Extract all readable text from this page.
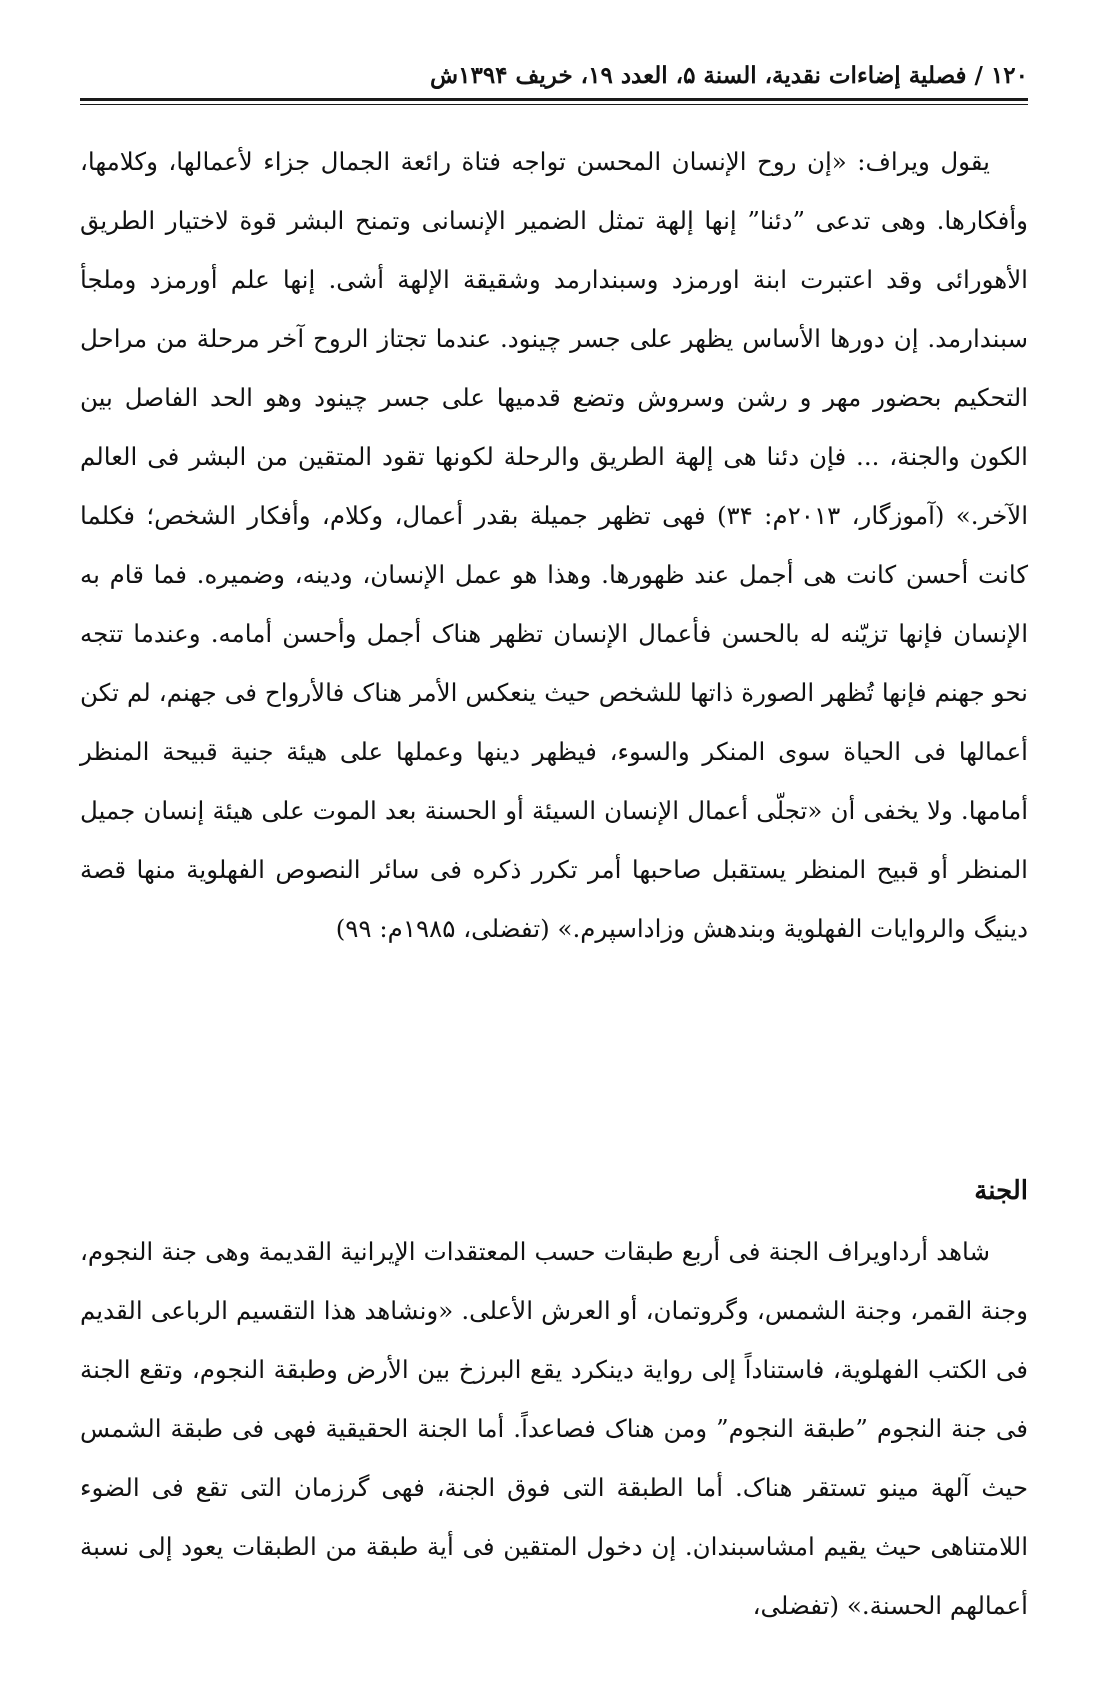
۱۲۰ / فصلية إضاءات نقدية، السنة ۵، العدد ۱۹، خريف ۱۳۹۴ش

يقول ويراف: «إن روح الإنسان المحسن تواجه فتاة رائعة الجمال جزاء لأعمالها، وكلامها، وأفكارها. وهى تدعى ”دئنا” إنها إلهة تمثل الضمير الإنسانى وتمنح البشر قوة لاختيار الطريق الأهورائى وقد اعتبرت ابنة اورمزد وسبندارمد وشقيقة الإلهة أشى. إنها علم أورمزد وملجأ سبندارمد. إن دورها الأساس يظهر على جسر چينود. عندما تجتاز الروح آخر مرحلة من مراحل التحكيم بحضور مهر و رشن وسروش وتضع قدميها على جسر چينود وهو الحد الفاصل بين الكون والجنة، ... فإن دئنا هى إلهة الطريق والرحلة لكونها تقود المتقين من البشر فى العالم الآخر.» (آموزگار، ۲۰۱۳م: ۳۴) فهى تظهر جميلة بقدر أعمال، وكلام، وأفكار الشخص؛ فكلما كانت أحسن كانت هى أجمل عند ظهورها. وهذا هو عمل الإنسان، ودينه، وضميره. فما قام به الإنسان فإنها تزيّنه له بالحسن فأعمال الإنسان تظهر هناک أجمل وأحسن أمامه. وعندما تتجه نحو جهنم فإنها تُظهر الصورة ذاتها للشخص حيث ينعكس الأمر هناک فالأرواح فى جهنم، لم تكن أعمالها فى الحياة سوى المنكر والسوء، فيظهر دينها وعملها على هيئة جنية قبيحة المنظر أمامها. ولا يخفى أن «تجلّى أعمال الإنسان السيئة أو الحسنة بعد الموت على هيئة إنسان جميل المنظر أو قبيح المنظر يستقبل صاحبها أمر تكرر ذكره فى سائر النصوص الفهلوية منها قصة دينيگ والروايات الفهلوية وبندهش وزاداسپرم.» (تفضلى، ۱۹۸۵م: ۹۹)

الجنة

شاهد أرداويراف الجنة فى أربع طبقات حسب المعتقدات الإيرانية القديمة وهى جنة النجوم، وجنة القمر، وجنة الشمس، وگروتمان، أو العرش الأعلى. «ونشاهد هذا التقسيم الرباعى القديم فى الكتب الفهلوية، فاستناداً إلى رواية دينكرد يقع البرزخ بين الأرض وطبقة النجوم، وتقع الجنة فى جنة النجوم ”طبقة النجوم” ومن هناک فصاعداً. أما الجنة الحقيقية فهى فى طبقة الشمس حيث آلهة مينو تستقر هناک. أما الطبقة التى فوق الجنة، فهى گرزمان التى تقع فى الضوء اللامتناهى حيث يقيم امشاسبندان. إن دخول المتقين فى أية طبقة من الطبقات يعود إلى نسبة أعمالهم الحسنة.» (تفضلى،
